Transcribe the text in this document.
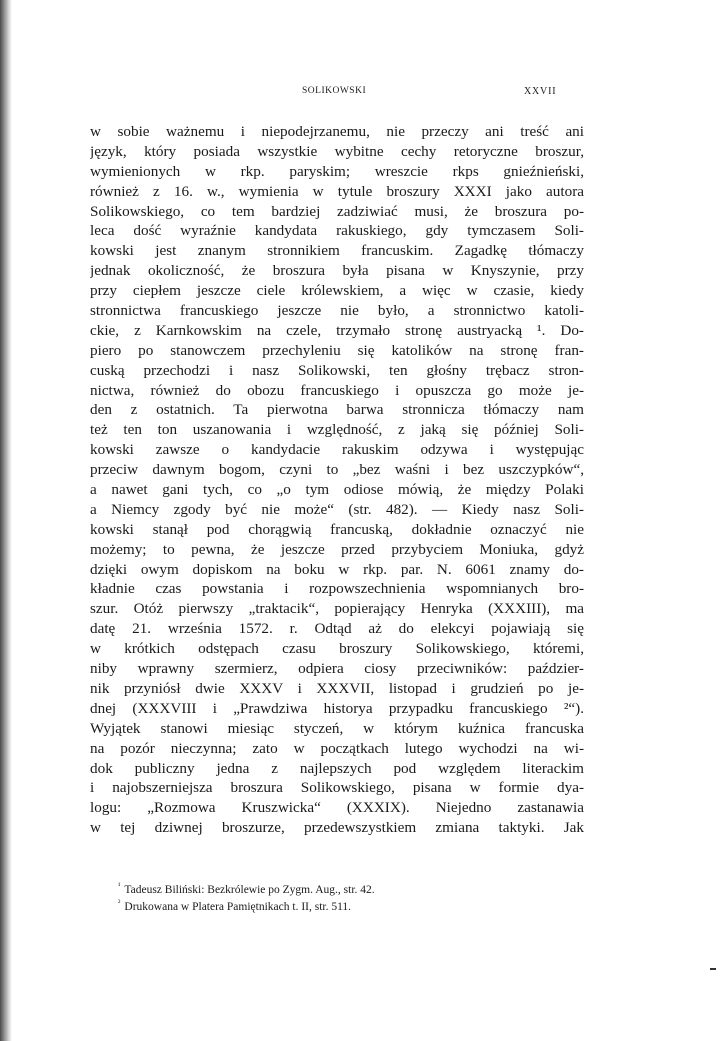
SOLIKOWSKI	XXVII
w sobie ważnemu i niepodejrzanemu, nie przeczy ani treść ani
język, który posiada wszystkie wybitne cechy retoryczne broszur,
wymienionych w rkp. paryskim; wreszcie rkps gnieźnieński,
również z 16. w., wymienia w tytule broszury XXXI jako autora
Solikowskiego, co tem bardziej zadziwiać musi, że broszura po-
leca dość wyraźnie kandydata rakuskiego, gdy tymczasem Soli-
kowski jest znanym stronnikiem francuskim. Zagadkę tłómaczy
jednak okoliczność, że broszura była pisana w Knyszynie, przy
przy ciepłem jeszcze ciele królewskiem, a więc w czasie, kiedy
stronnictwa francuskiego jeszcze nie było, a stronnictwo katoli-
ckie, z Karnkowskim na czele, trzymało stronę austryacką ¹. Do-
piero po stanowczem przechyleniu się katolików na stronę fran-
cuską przechodzi i nasz Solikowski, ten głośny trębacz stron-
nictwa, również do obozu francuskiego i opuszcza go może je-
den z ostatnich. Ta pierwotna barwa stronnicza tłómaczy nam
też ten ton uszanowania i względność, z jaką się później Soli-
kowski zawsze o kandydacie rakuskim odzywa i występując
przeciw dawnym bogom, czyni to „bez waśni i bez uszczypków“,
a nawet gani tych, co „o tym odiose mówią, że między Polaki
a Niemcy zgody być nie może“ (str. 482). — Kiedy nasz Soli-
kowski stanął pod chorągwią francuską, dokładnie oznaczyć nie
możemy; to pewna, że jeszcze przed przybyciem Moniuka, gdyż
dzięki owym dopiskom na boku w rkp. par. N. 6061 znamy do-
kładnie czas powstania i rozpowszechnienia wspomnianych bro-
szur. Otóż pierwszy „traktacik“, popierający Henryka (XXXIII), ma
datę 21. września 1572. r. Odtąd aż do elekcyi pojawiają się
w krótkich odstępach czasu broszury Solikowskiego, któremi,
niby wprawny szermierz, odpiera ciosy przeciwników: paździer-
nik przyniósł dwie XXXV i XXXVII, listopad i grudzień po je-
dnej (XXXVIII i „Prawdziwa historya przypadku francuskiego ²“).
Wyjątek stanowi miesiąc styczeń, w którym kuźnica francuska
na pozór nieczynna; zato w początkach lutego wychodzi na wi-
dok publiczny jedna z najlepszych pod względem literackim
i najobszerniejsza broszura Solikowskiego, pisana w formie dya-
logu: „Rozmowa Kruszwicka“ (XXXIX). Niejedno zastanawia
w tej dziwnej broszurze, przedewszystkiem zmiana taktyki. Jak
$^{^1}$ Tadeusz Biliński: Bezkrólewie po Zygm. Aug., str. 42.
$^{^2}$ Drukowana w Platera Pamiętnikach t. II, str. 511.
